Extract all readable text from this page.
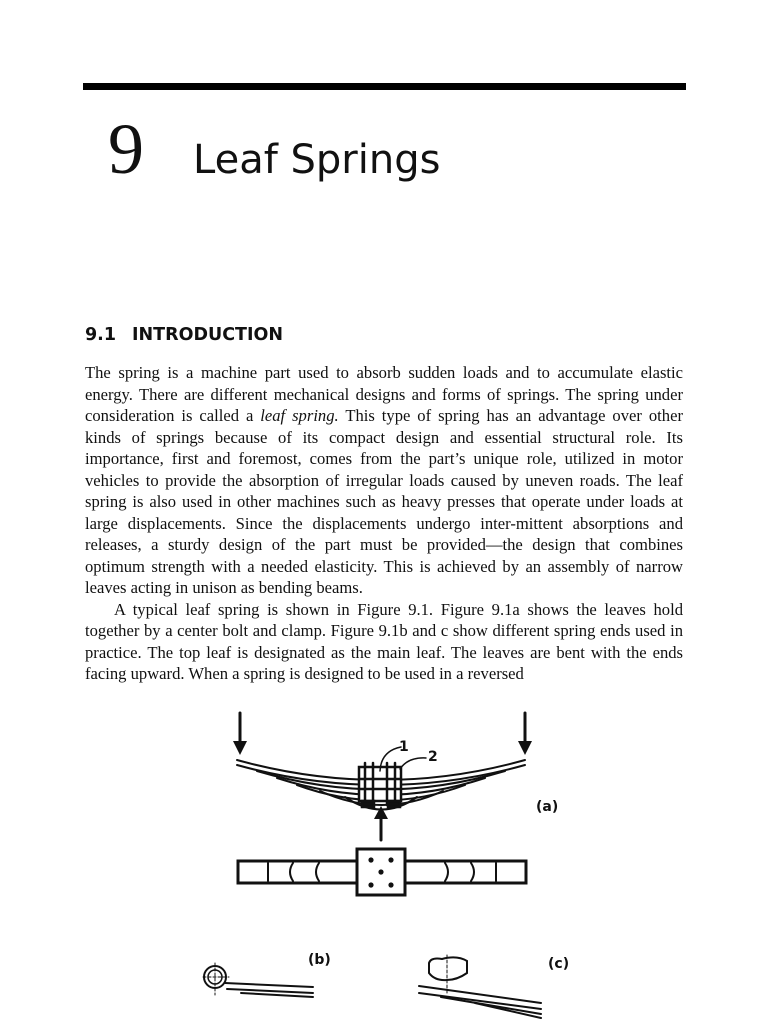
9 Leaf Springs
9.1 INTRODUCTION

The spring is a machine part used to absorb sudden loads and to accumulate elastic energy. There are different mechanical designs and forms of springs. The spring under consideration is called a leaf spring. This type of spring has an advantage over other kinds of springs because of its compact design and essential structural role. Its importance, first and foremost, comes from the part’s unique role, utilized in motor vehicles to provide the absorption of irregular loads caused by uneven roads. The leaf spring is also used in other machines such as heavy presses that operate under loads at large displacements. Since the displacements undergo inter-mittent absorptions and releases, a sturdy design of the part must be provided—the design that combines optimum strength with a needed elasticity. This is achieved by an assembly of narrow leaves acting in unison as bending beams.

A typical leaf spring is shown in Figure 9.1. Figure 9.1a shows the leaves hold together by a center bolt and clamp. Figure 9.1b and c show different spring ends used in practice. The top leaf is designated as the main leaf. The leaves are bent with the ends facing upward. When a spring is designed to be used in a reversed

1
2
(a)
(b)	(c)
